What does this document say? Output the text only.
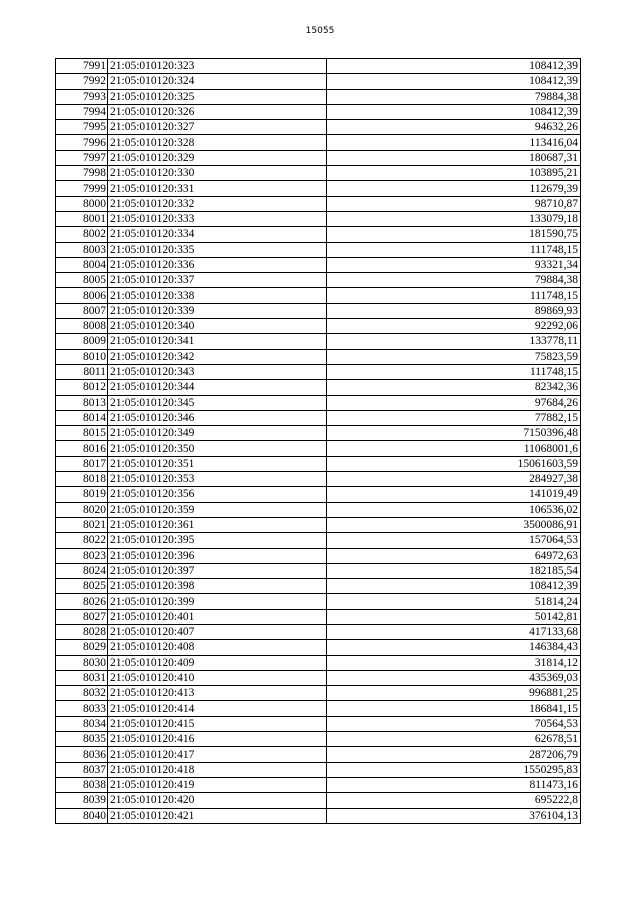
15055
7991	21:05:010120:323	108412,39
7992	21:05:010120:324	108412,39
7993	21:05:010120:325	79884,38
7994	21:05:010120:326	108412,39
7995	21:05:010120:327	94632,26
7996	21:05:010120:328	113416,04
7997	21:05:010120:329	180687,31
7998	21:05:010120:330	103895,21
7999	21:05:010120:331	112679,39
8000	21:05:010120:332	98710,87
8001	21:05:010120:333	133079,18
8002	21:05:010120:334	181590,75
8003	21:05:010120:335	111748,15
8004	21:05:010120:336	93321,34
8005	21:05:010120:337	79884,38
8006	21:05:010120:338	111748,15
8007	21:05:010120:339	89869,93
8008	21:05:010120:340	92292,06
8009	21:05:010120:341	133778,11
8010	21:05:010120:342	75823,59
8011	21:05:010120:343	111748,15
8012	21:05:010120:344	82342,36
8013	21:05:010120:345	97684,26
8014	21:05:010120:346	77882,15
8015	21:05:010120:349	7150396,48
8016	21:05:010120:350	11068001,6
8017	21:05:010120:351	15061603,59
8018	21:05:010120:353	284927,38
8019	21:05:010120:356	141019,49
8020	21:05:010120:359	106536,02
8021	21:05:010120:361	3500086,91
8022	21:05:010120:395	157064,53
8023	21:05:010120:396	64972,63
8024	21:05:010120:397	182185,54
8025	21:05:010120:398	108412,39
8026	21:05:010120:399	51814,24
8027	21:05:010120:401	50142,81
8028	21:05:010120:407	417133,68
8029	21:05:010120:408	146384,43
8030	21:05:010120:409	31814,12
8031	21:05:010120:410	435369,03
8032	21:05:010120:413	996881,25
8033	21:05:010120:414	186841,15
8034	21:05:010120:415	70564,53
8035	21:05:010120:416	62678,51
8036	21:05:010120:417	287206,79
8037	21:05:010120:418	1550295,83
8038	21:05:010120:419	811473,16
8039	21:05:010120:420	695222,8
8040	21:05:010120:421	376104,13
